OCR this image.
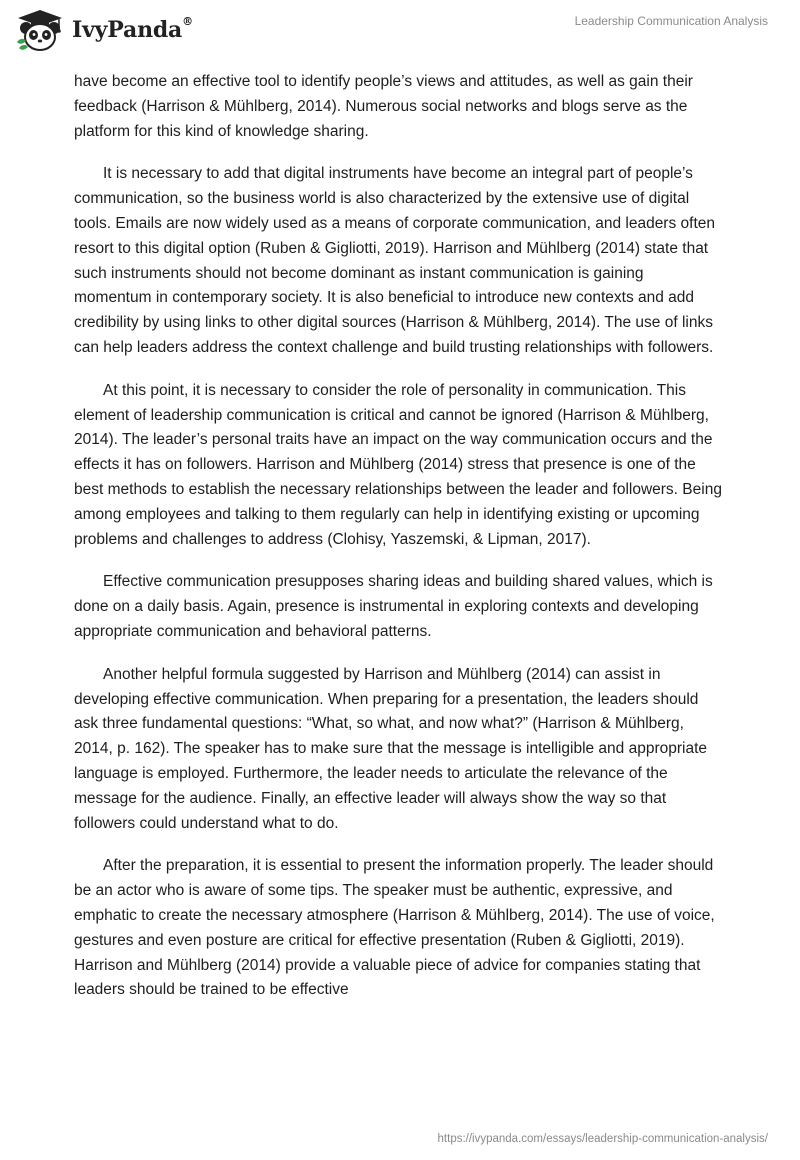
IvyPanda®	Leadership Communication Analysis

have become an effective tool to identify people’s views and attitudes, as well as gain their feedback (Harrison & Mühlberg, 2014). Numerous social networks and blogs serve as the platform for this kind of knowledge sharing.

It is necessary to add that digital instruments have become an integral part of people’s communication, so the business world is also characterized by the extensive use of digital tools. Emails are now widely used as a means of corporate communication, and leaders often resort to this digital option (Ruben & Gigliotti, 2019). Harrison and Mühlberg (2014) state that such instruments should not become dominant as instant communication is gaining momentum in contemporary society. It is also beneficial to introduce new contexts and add credibility by using links to other digital sources (Harrison & Mühlberg, 2014). The use of links can help leaders address the context challenge and build trusting relationships with followers.

At this point, it is necessary to consider the role of personality in communication. This element of leadership communication is critical and cannot be ignored (Harrison & Mühlberg, 2014). The leader’s personal traits have an impact on the way communication occurs and the effects it has on followers. Harrison and Mühlberg (2014) stress that presence is one of the best methods to establish the necessary relationships between the leader and followers. Being among employees and talking to them regularly can help in identifying existing or upcoming problems and challenges to address (Clohisy, Yaszemski, & Lipman, 2017).

Effective communication presupposes sharing ideas and building shared values, which is done on a daily basis. Again, presence is instrumental in exploring contexts and developing appropriate communication and behavioral patterns.

Another helpful formula suggested by Harrison and Mühlberg (2014) can assist in developing effective communication. When preparing for a presentation, the leaders should ask three fundamental questions: “What, so what, and now what?” (Harrison & Mühlberg, 2014, p. 162). The speaker has to make sure that the message is intelligible and appropriate language is employed. Furthermore, the leader needs to articulate the relevance of the message for the audience. Finally, an effective leader will always show the way so that followers could understand what to do.

After the preparation, it is essential to present the information properly. The leader should be an actor who is aware of some tips. The speaker must be authentic, expressive, and emphatic to create the necessary atmosphere (Harrison & Mühlberg, 2014). The use of voice, gestures and even posture are critical for effective presentation (Ruben & Gigliotti, 2019). Harrison and Mühlberg (2014) provide a valuable piece of advice for companies stating that leaders should be trained to be effective

https://ivypanda.com/essays/leadership-communication-analysis/
